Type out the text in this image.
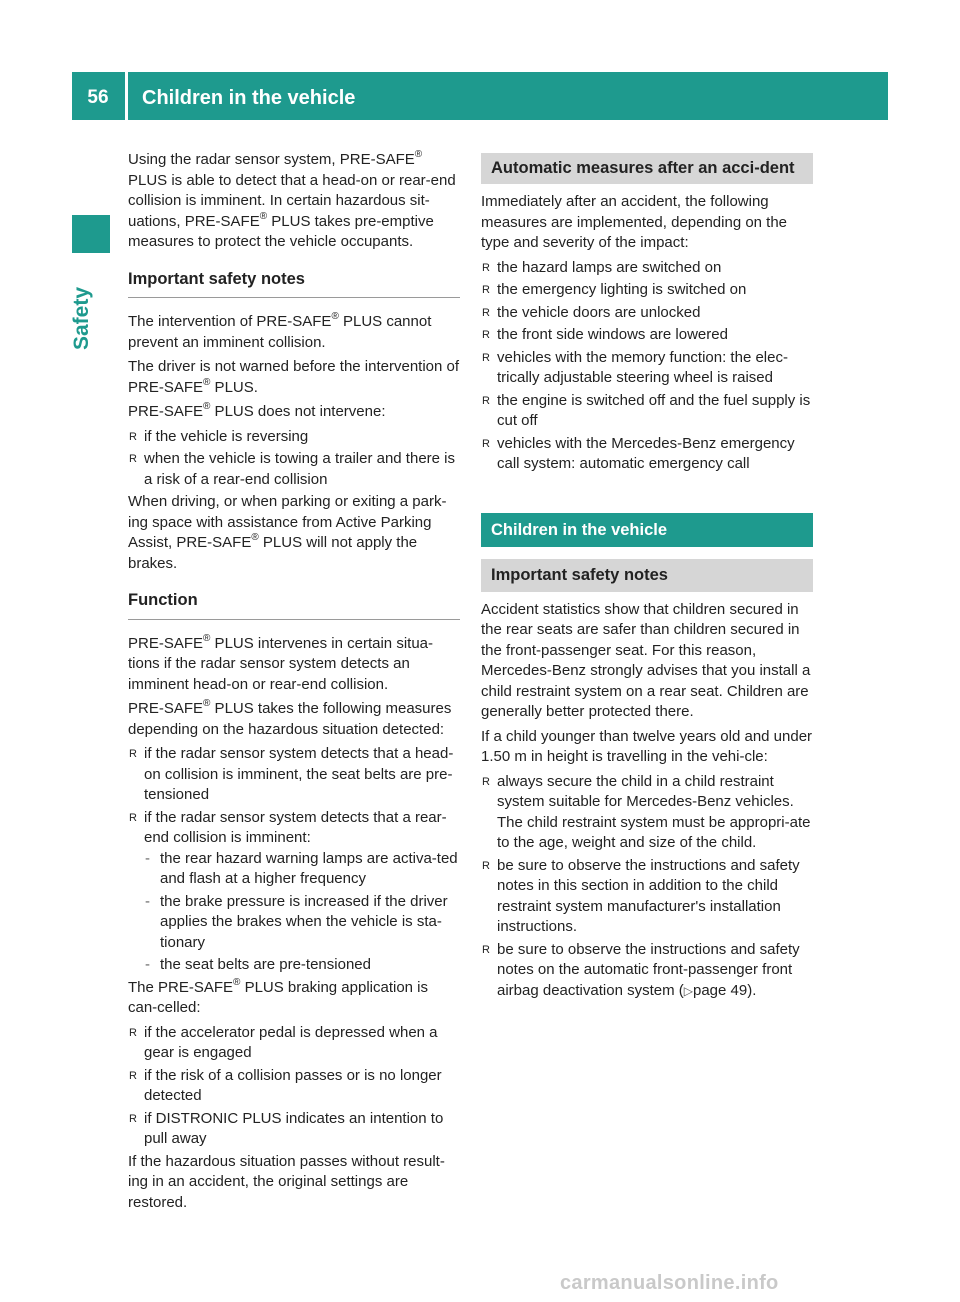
56	Children in the vehicle
Safety

Using the radar sensor system, PRE-SAFE® PLUS is able to detect that a head-on or rear-end collision is imminent. In certain hazardous sit-uations, PRE-SAFE® PLUS takes pre-emptive measures to protect the vehicle occupants.

Important safety notes

The intervention of PRE-SAFE® PLUS cannot prevent an imminent collision.

The driver is not warned before the intervention of PRE-SAFE® PLUS.

PRE-SAFE® PLUS does not intervene:

R if the vehicle is reversing
R when the vehicle is towing a trailer and there is a risk of a rear-end collision

When driving, or when parking or exiting a park-ing space with assistance from Active Parking Assist, PRE-SAFE® PLUS will not apply the brakes.

Function

PRE-SAFE® PLUS intervenes in certain situa-tions if the radar sensor system detects an imminent head-on or rear-end collision.

PRE-SAFE® PLUS takes the following measures depending on the hazardous situation detected:

R if the radar sensor system detects that a head-on collision is imminent, the seat belts are pre-tensioned
R if the radar sensor system detects that a rear-end collision is imminent:
- the rear hazard warning lamps are activa-ted and flash at a higher frequency
- the brake pressure is increased if the driver applies the brakes when the vehicle is sta-tionary
- the seat belts are pre-tensioned

The PRE-SAFE® PLUS braking application is can-celled:

R if the accelerator pedal is depressed when a gear is engaged
R if the risk of a collision passes or is no longer detected
R if DISTRONIC PLUS indicates an intention to pull away

If the hazardous situation passes without result-ing in an accident, the original settings are restored.

Automatic measures after an acci-dent

Immediately after an accident, the following measures are implemented, depending on the type and severity of the impact:

R the hazard lamps are switched on
R the emergency lighting is switched on
R the vehicle doors are unlocked
R the front side windows are lowered
R vehicles with the memory function: the elec-trically adjustable steering wheel is raised
R the engine is switched off and the fuel supply is cut off
R vehicles with the Mercedes-Benz emergency call system: automatic emergency call
Children in the vehicle
Important safety notes

Accident statistics show that children secured in the rear seats are safer than children secured in the front-passenger seat. For this reason, Mercedes-Benz strongly advises that you install a child restraint system on a rear seat. Children are generally better protected there.

If a child younger than twelve years old and under 1.50 m in height is travelling in the vehi-cle:

R always secure the child in a child restraint system suitable for Mercedes-Benz vehicles. The child restraint system must be appropri-ate to the age, weight and size of the child.
R be sure to observe the instructions and safety notes in this section in addition to the child restraint system manufacturer's installation instructions.
R be sure to observe the instructions and safety notes on the automatic front-passenger front airbag deactivation system (▷page 49).
carmanualsonline.info
